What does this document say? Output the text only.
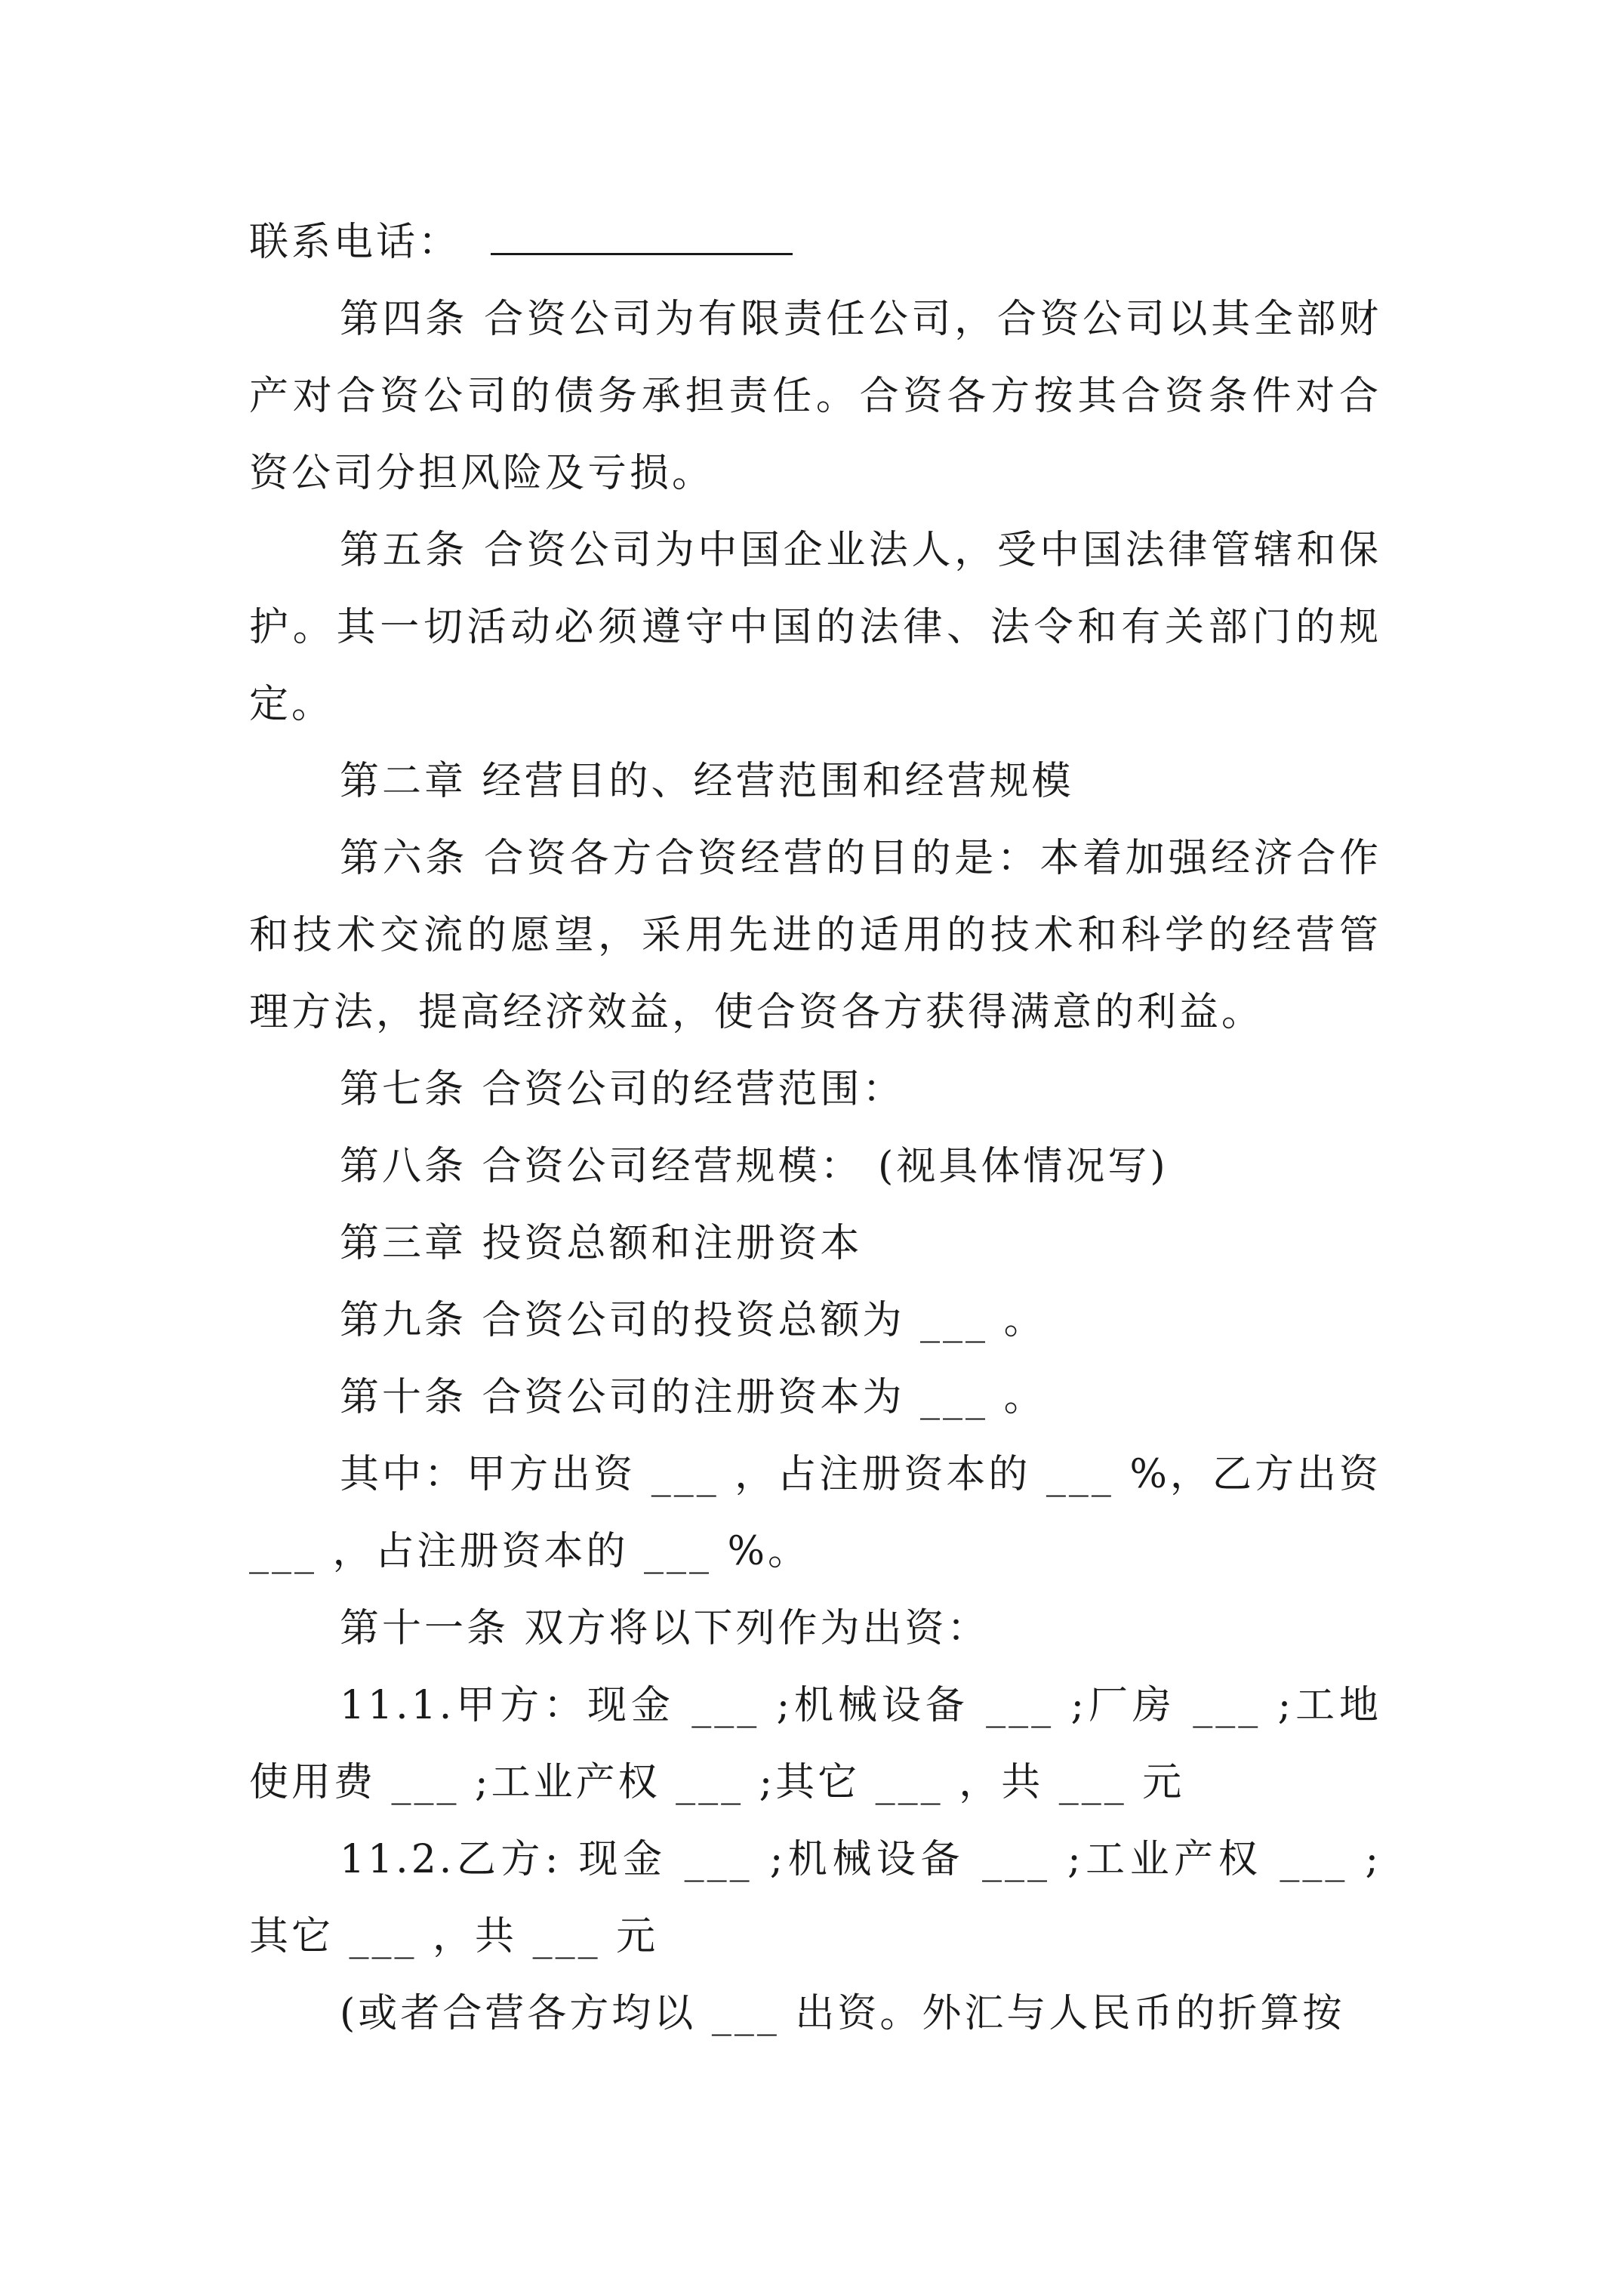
联系电话：

第四条 合资公司为有限责任公司，合资公司以其全部财产对合资公司的债务承担责任。合资各方按其合资条件对合资公司分担风险及亏损。

第五条 合资公司为中国企业法人，受中国法律管辖和保护。其一切活动必须遵守中国的法律、法令和有关部门的规定。

第二章 经营目的、经营范围和经营规模

第六条 合资各方合资经营的目的是：本着加强经济合作和技术交流的愿望，采用先进的适用的技术和科学的经营管理方法，提高经济效益，使合资各方获得满意的利益。

第七条 合资公司的经营范围：

第八条 合资公司经营规模： (视具体情况写)

第三章 投资总额和注册资本

第九条 合资公司的投资总额为 ___ 。

第十条 合资公司的注册资本为 ___ 。

其中：甲方出资 ___ ，占注册资本的 ___ %，乙方出资___ ，占注册资本的 ___ %。

第十一条 双方将以下列作为出资：

11.1.甲方：现金 ___ ;机械设备 ___ ;厂房 ___ ;工地使用费 ___ ;工业产权 ___ ;其它 ___ ，共 ___ 元

11.2.乙方: 现金 ___ ;机械设备 ___ ;工业产权 ___ ;其它 ___ ，共 ___ 元

(或者合营各方均以 ___ 出资。外汇与人民币的折算按
